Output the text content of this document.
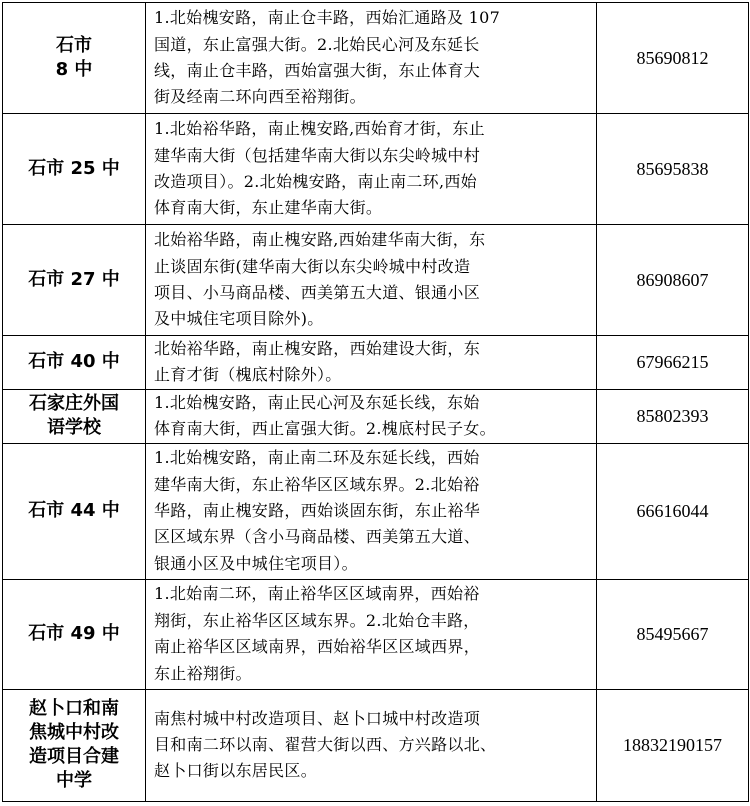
石市
8 中	1.北始槐安路，南止仓丰路，西始汇通路及 107
国道，东止富强大街。2.北始民心河及东延长
线，南止仓丰路，西始富强大街，东止体育大
街及经南二环向西至裕翔街。	85690812

石市 25 中	1.北始裕华路，南止槐安路,西始育才街，东止
建华南大街（包括建华南大街以东尖岭城中村
改造项目）。2.北始槐安路，南止南二环,西始
体育南大街，东止建华南大街。	85695838

石市 27 中	北始裕华路，南止槐安路,西始建华南大街，东
止谈固东街(建华南大街以东尖岭城中村改造
项目、小马商品楼、西美第五大道、银通小区
及中城住宅项目除外)。	86908607

石市 40 中	北始裕华路，南止槐安路，西始建设大街，东
止育才街（槐底村除外）。	67966215

石家庄外国
语学校	1.北始槐安路，南止民心河及东延长线，东始
体育南大街，西止富强大街。2.槐底村民子女。	85802393

石市 44 中	1.北始槐安路，南止南二环及东延长线，西始
建华南大街，东止裕华区区域东界。2.北始裕
华路，南止槐安路，西始谈固东街，东止裕华
区区域东界（含小马商品楼、西美第五大道、
银通小区及中城住宅项目）。	66616044

石市 49 中	1.北始南二环，南止裕华区区域南界，西始裕
翔街，东止裕华区区域东界。2.北始仓丰路，
南止裕华区区域南界，西始裕华区区域西界，
东止裕翔街。	85495667

赵卜口和南
焦城中村改
造项目合建
中学	南焦村城中村改造项目、赵卜口城中村改造项
目和南二环以南、翟营大街以西、方兴路以北、
赵卜口街以东居民区。	18832190157
